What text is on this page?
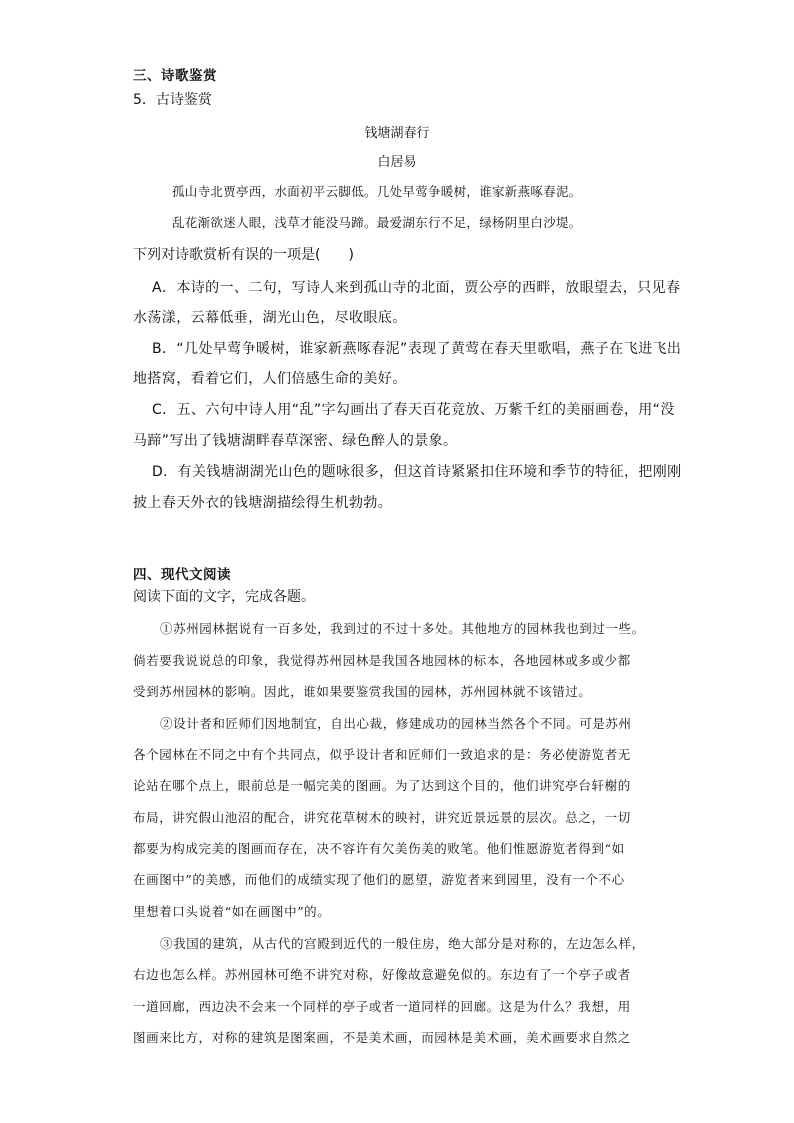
三、诗歌鉴赏
5．古诗鉴赏
钱塘湖春行
白居易
孤山寺北贾亭西，水面初平云脚低。几处早莺争暖树，谁家新燕啄春泥。
乱花渐欲迷人眼，浅草才能没马蹄。最爱湖东行不足，绿杨阴里白沙堤。
下列对诗歌赏析有误的一项是(　　)
A．本诗的一、二句，写诗人来到孤山寺的北面，贾公亭的西畔，放眼望去，只见春
水荡漾，云幕低垂，湖光山色，尽收眼底。
B．“几处早莺争暖树，谁家新燕啄春泥”表现了黄莺在春天里歌唱，燕子在飞进飞出
地搭窝，看着它们，人们倍感生命的美好。
C．五、六句中诗人用“乱”字勾画出了春天百花竞放、万紫千红的美丽画卷，用“没
马蹄”写出了钱塘湖畔春草深密、绿色醉人的景象。
D．有关钱塘湖湖光山色的题咏很多，但这首诗紧紧扣住环境和季节的特征，把刚刚
披上春天外衣的钱塘湖描绘得生机勃勃。
四、现代文阅读
阅读下面的文字，完成各题。
①苏州园林据说有一百多处，我到过的不过十多处。其他地方的园林我也到过一些。
倘若要我说说总的印象，我觉得苏州园林是我国各地园林的标本，各地园林或多或少都
受到苏州园林的影响。因此，谁如果要鉴赏我国的园林，苏州园林就不该错过。
②设计者和匠师们因地制宜，自出心裁，修建成功的园林当然各个不同。可是苏州
各个园林在不同之中有个共同点，似乎设计者和匠师们一致追求的是：务必使游览者无
论站在哪个点上，眼前总是一幅完美的图画。为了达到这个目的，他们讲究亭台轩榭的
布局，讲究假山池沼的配合，讲究花草树木的映衬，讲究近景远景的层次。总之，一切
都要为构成完美的图画而存在，决不容许有欠美伤美的败笔。他们惟愿游览者得到“如
在画图中”的美感，而他们的成绩实现了他们的愿望，游览者来到园里，没有一个不心
里想着口头说着“如在画图中”的。
③我国的建筑，从古代的宫殿到近代的一般住房，绝大部分是对称的，左边怎么样，
右边也怎么样。苏州园林可绝不讲究对称，好像故意避免似的。东边有了一个亭子或者
一道回廊，西边决不会来一个同样的亭子或者一道同样的回廊。这是为什么？我想，用
图画来比方，对称的建筑是图案画，不是美术画，而园林是美术画，美术画要求自然之
